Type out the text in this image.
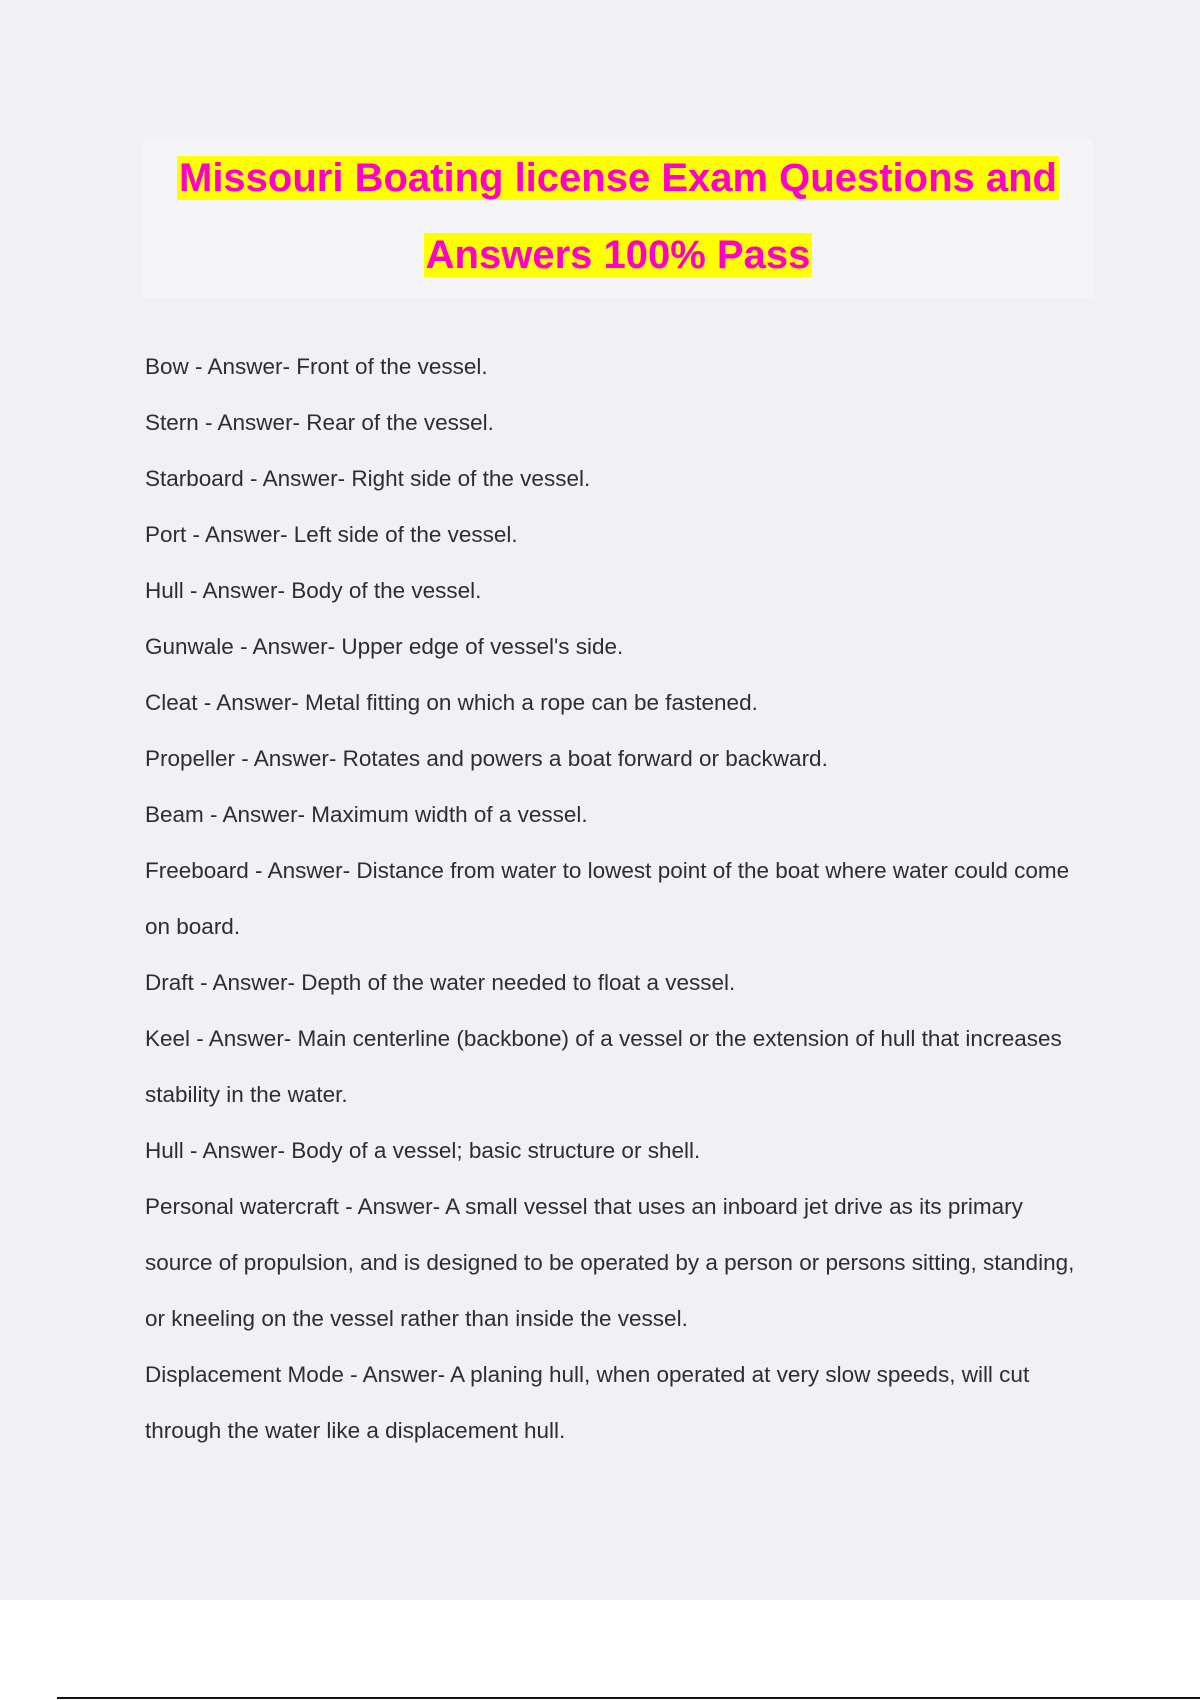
Missouri Boating license Exam Questions and
Answers 100% Pass
Bow - Answer- Front of the vessel.
Stern - Answer- Rear of the vessel.
Starboard - Answer- Right side of the vessel.
Port - Answer- Left side of the vessel.
Hull - Answer- Body of the vessel.
Gunwale - Answer- Upper edge of vessel's side.
Cleat - Answer- Metal fitting on which a rope can be fastened.
Propeller - Answer- Rotates and powers a boat forward or backward.
Beam - Answer- Maximum width of a vessel.
Freeboard - Answer- Distance from water to lowest point of the boat where water could come on board.
Draft - Answer- Depth of the water needed to float a vessel.
Keel - Answer- Main centerline (backbone) of a vessel or the extension of hull that increases stability in the water.
Hull - Answer- Body of a vessel; basic structure or shell.
Personal watercraft - Answer- A small vessel that uses an inboard jet drive as its primary source of propulsion, and is designed to be operated by a person or persons sitting, standing, or kneeling on the vessel rather than inside the vessel.
Displacement Mode - Answer- A planing hull, when operated at very slow speeds, will cut through the water like a displacement hull.
